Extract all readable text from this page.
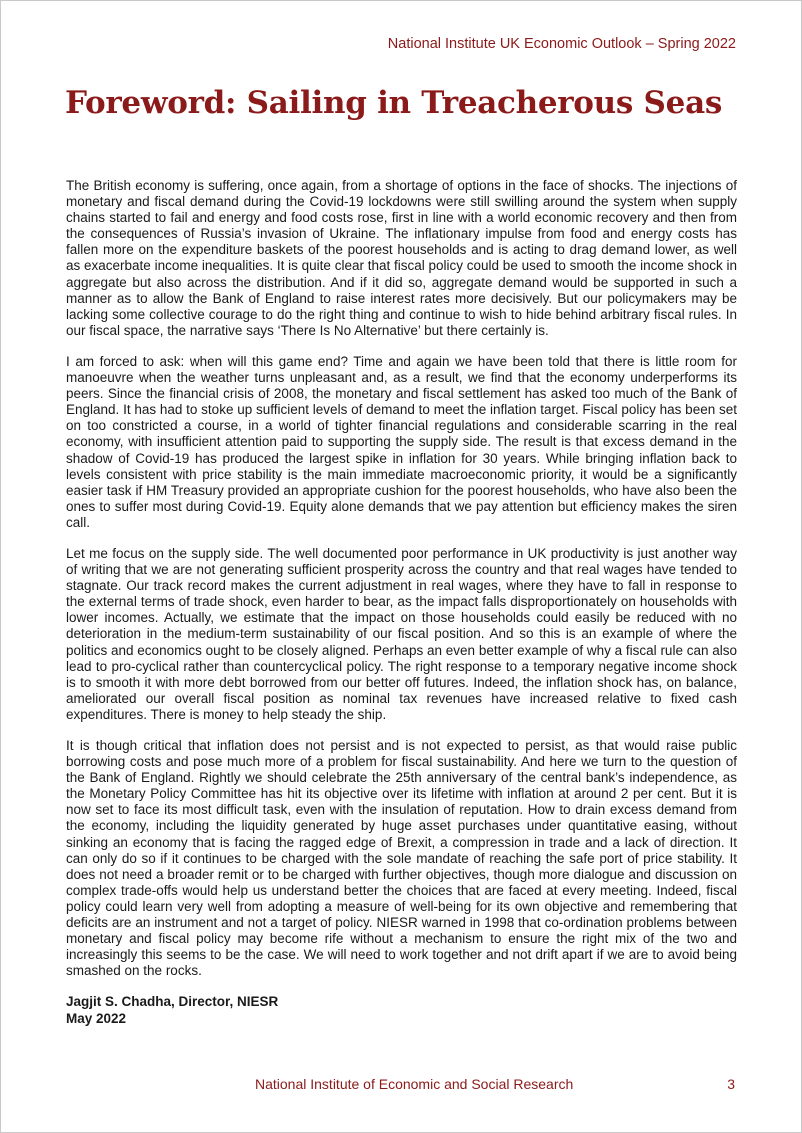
National Institute UK Economic Outlook – Spring 2022
Foreword: Sailing in Treacherous Seas

The British economy is suffering, once again, from a shortage of options in the face of shocks. The injections of monetary and fiscal demand during the Covid-19 lockdowns were still swilling around the system when supply chains started to fail and energy and food costs rose, first in line with a world economic recovery and then from the consequences of Russia’s invasion of Ukraine. The inflationary impulse from food and energy costs has fallen more on the expenditure baskets of the poorest households and is acting to drag demand lower, as well as exacerbate income inequalities. It is quite clear that fiscal policy could be used to smooth the income shock in aggregate but also across the distribution. And if it did so, aggregate demand would be supported in such a manner as to allow the Bank of England to raise interest rates more decisively. But our policymakers may be lacking some collective courage to do the right thing and continue to wish to hide behind arbitrary fiscal rules. In our fiscal space, the narrative says ‘There Is No Alternative’ but there certainly is.

I am forced to ask: when will this game end? Time and again we have been told that there is little room for manoeuvre when the weather turns unpleasant and, as a result, we find that the economy underperforms its peers. Since the financial crisis of 2008, the monetary and fiscal settlement has asked too much of the Bank of England. It has had to stoke up sufficient levels of demand to meet the inflation target. Fiscal policy has been set on too constricted a course, in a world of tighter financial regulations and considerable scarring in the real economy, with insufficient attention paid to supporting the supply side. The result is that excess demand in the shadow of Covid-19 has produced the largest spike in inflation for 30 years. While bringing inflation back to levels consistent with price stability is the main immediate macroeconomic priority, it would be a significantly easier task if HM Treasury provided an appropriate cushion for the poorest households, who have also been the ones to suffer most during Covid-19. Equity alone demands that we pay attention but efficiency makes the siren call.

Let me focus on the supply side. The well documented poor performance in UK productivity is just another way of writing that we are not generating sufficient prosperity across the country and that real wages have tended to stagnate. Our track record makes the current adjustment in real wages, where they have to fall in response to the external terms of trade shock, even harder to bear, as the impact falls disproportionately on households with lower incomes. Actually, we estimate that the impact on those households could easily be reduced with no deterioration in the medium-term sustainability of our fiscal position. And so this is an example of where the politics and economics ought to be closely aligned. Perhaps an even better example of why a fiscal rule can also lead to pro-cyclical rather than countercyclical policy. The right response to a temporary negative income shock is to smooth it with more debt borrowed from our better off futures. Indeed, the inflation shock has, on balance, ameliorated our overall fiscal position as nominal tax revenues have increased relative to fixed cash expenditures. There is money to help steady the ship.

It is though critical that inflation does not persist and is not expected to persist, as that would raise public borrowing costs and pose much more of a problem for fiscal sustainability. And here we turn to the question of the Bank of England. Rightly we should celebrate the 25th anniversary of the central bank’s independence, as the Monetary Policy Committee has hit its objective over its lifetime with inflation at around 2 per cent. But it is now set to face its most difficult task, even with the insulation of reputation. How to drain excess demand from the economy, including the liquidity generated by huge asset purchases under quantitative easing, without sinking an economy that is facing the ragged edge of Brexit, a compression in trade and a lack of direction. It can only do so if it continues to be charged with the sole mandate of reaching the safe port of price stability. It does not need a broader remit or to be charged with further objectives, though more dialogue and discussion on complex trade-offs would help us understand better the choices that are faced at every meeting. Indeed, fiscal policy could learn very well from adopting a measure of well-being for its own objective and remembering that deficits are an instrument and not a target of policy. NIESR warned in 1998 that co-ordination problems between monetary and fiscal policy may become rife without a mechanism to ensure the right mix of the two and increasingly this seems to be the case. We will need to work together and not drift apart if we are to avoid being smashed on the rocks.

Jagjit S. Chadha, Director, NIESR
May 2022
National Institute of Economic and Social Research	3
